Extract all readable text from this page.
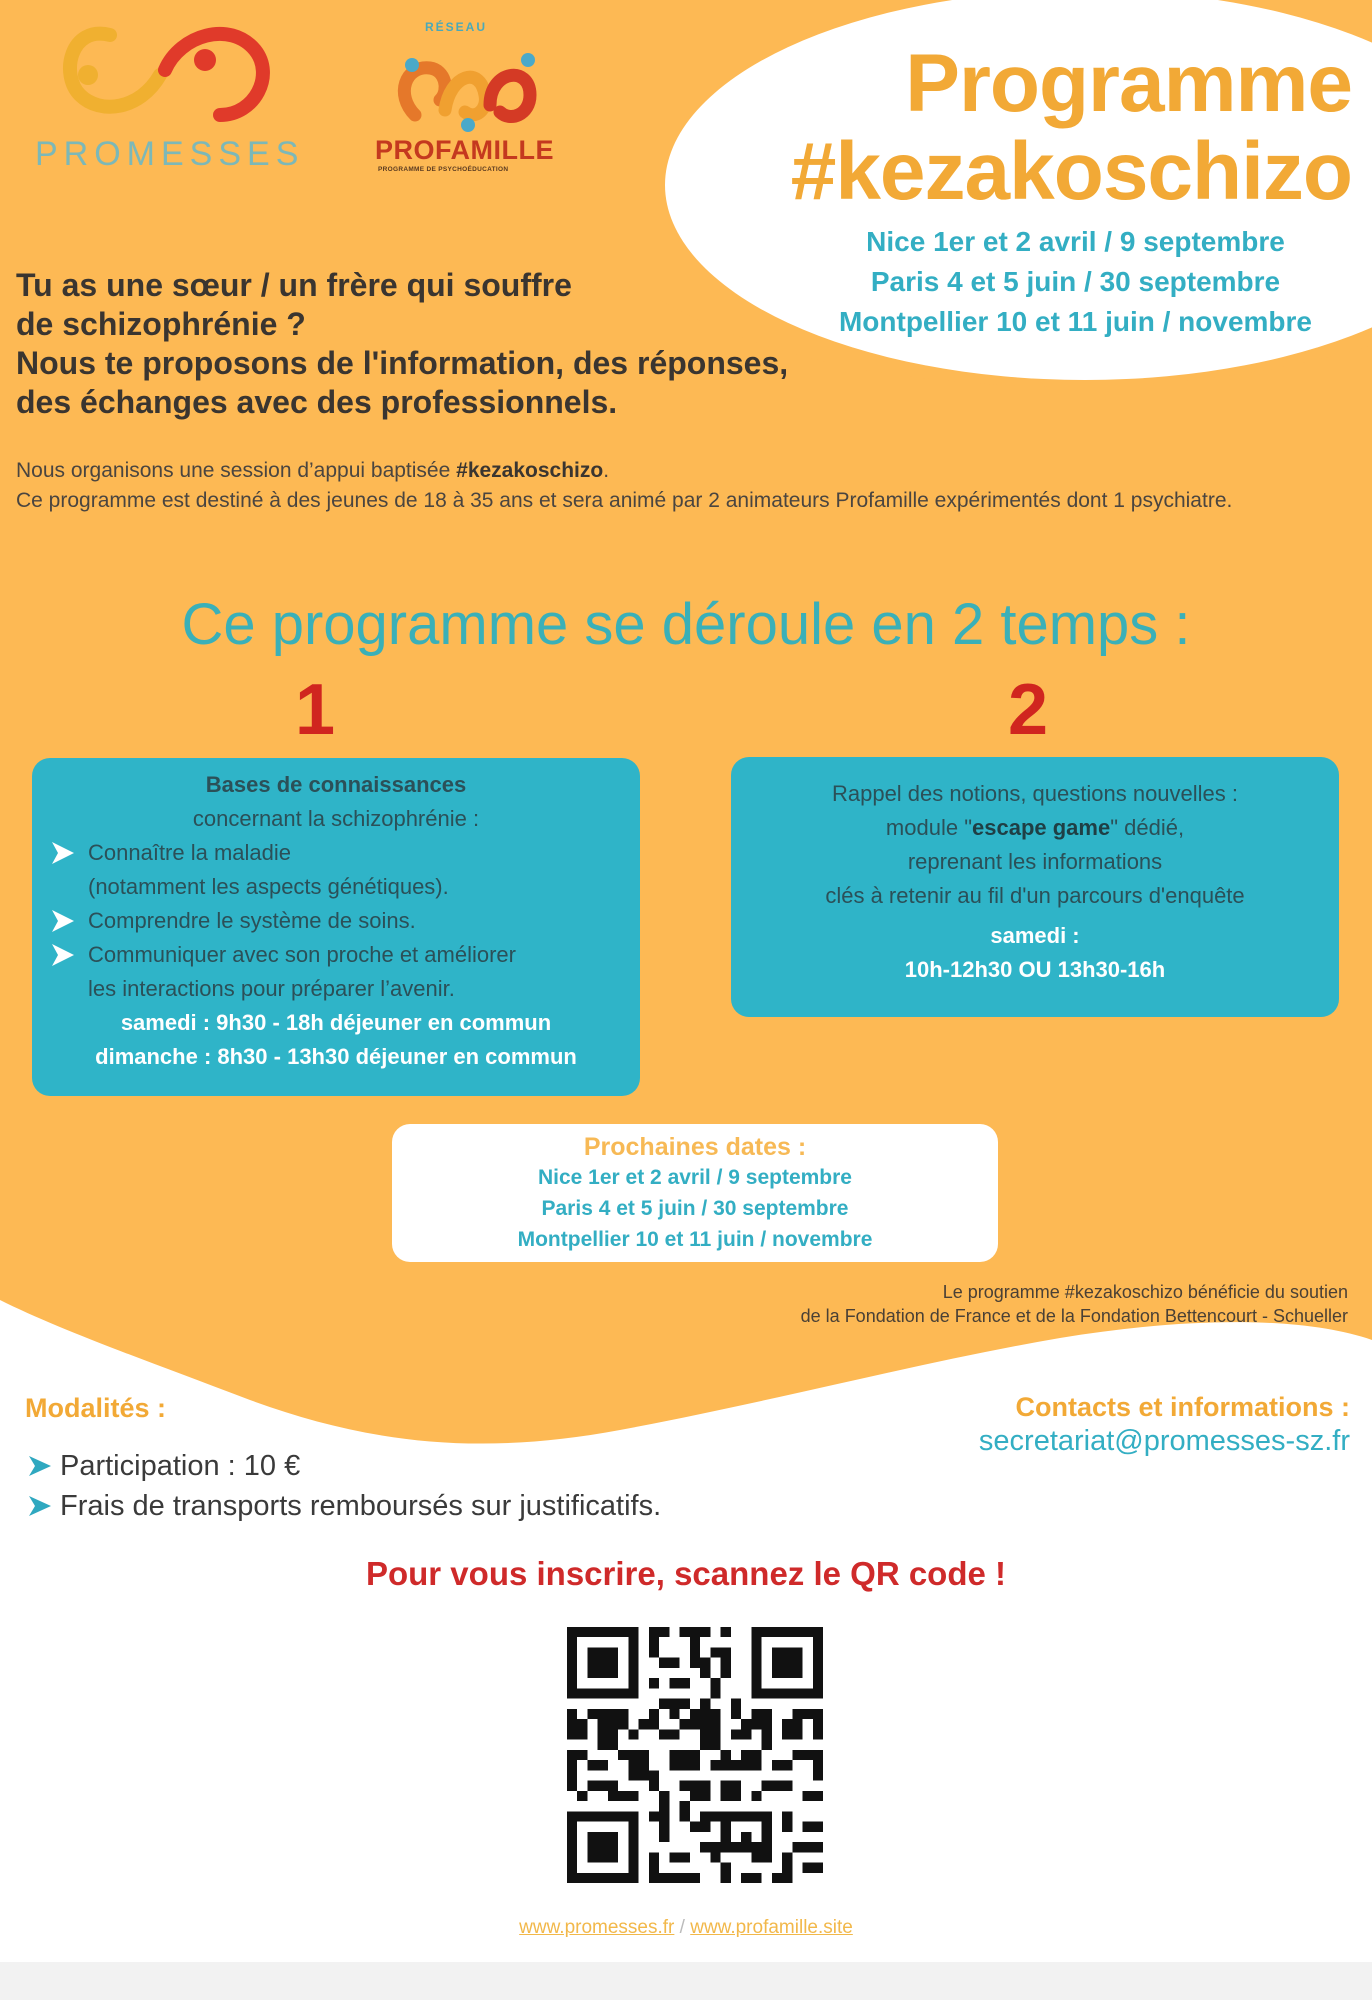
PROMESSES
RÉSEAU
PROFAMILLE
PROGRAMME DE PSYCHOÉDUCATION
Programme
#kezakoschizo
Nice 1er et 2 avril / 9 septembre
Paris 4 et 5 juin / 30 septembre
Montpellier 10 et 11 juin / novembre
Tu as une sœur / un frère qui souffre
de schizophrénie ?
Nous te proposons de l'information, des réponses,
des échanges avec des professionnels.
Nous organisons une session d’appui baptisée #kezakoschizo.
Ce programme est destiné à des jeunes de 18 à 35 ans et sera animé par 2 animateurs Profamille expérimentés dont 1 psychiatre.
Ce programme se déroule en 2 temps :
1	2
Bases de connaissances
concernant la schizophrénie :
Connaître la maladie
(notamment les aspects génétiques).
Comprendre le système de soins.
Communiquer avec son proche et améliorer
les interactions pour préparer l’avenir.
samedi : 9h30 - 18h déjeuner en commun
dimanche : 8h30 - 13h30 déjeuner en commun
Rappel des notions, questions nouvelles :
module "escape game" dédié,
reprenant les informations
clés à retenir au fil d'un parcours d'enquête
samedi :
10h-12h30 OU 13h30-16h
Prochaines dates :
Nice 1er et 2 avril / 9 septembre
Paris 4 et 5 juin / 30 septembre
Montpellier 10 et 11 juin / novembre
Le programme #kezakoschizo bénéficie du soutien
de la Fondation de France et de la Fondation Bettencourt - Schueller
Modalités :
Participation : 10 €
Frais de transports remboursés sur justificatifs.
Contacts et informations :
secretariat@promesses-sz.fr
Pour vous inscrire, scannez le QR code !
www.promesses.fr / www.profamille.site
